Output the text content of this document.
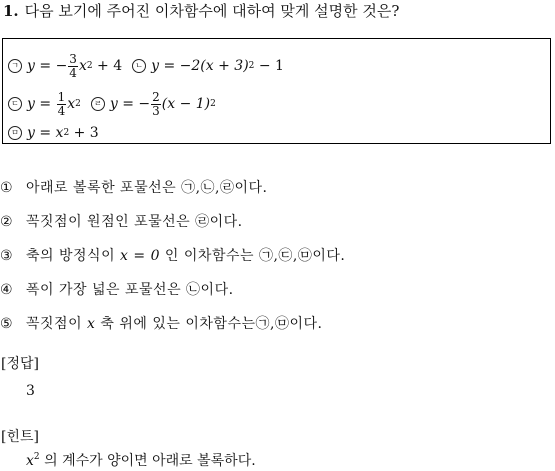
1. 다음 보기에 주어진 이차함수에 대하여 맞게 설명한 것은?
ㄱ y
=
− $\frac{3}{4}$ x 2
+ 4	ㄴ y = −2(x + 3) 2
− 1
ㄷ y
=
$\frac{1}{4}$ x 2	ㄹ y
=
− $\frac{2}{3} (x - 1)$ 2
ㅁ y = x 2
+ 3
① 아래로 볼록한 포물선은 ㉠,㉡,㉣이다.
② 꼭짓점이 원점인 포물선은 ㉣이다.
③ 축의 방정식이 x = 0 인 이차함수는 ㉠,㉢,㉤이다.
④ 폭이 가장 넓은 포물선은 ㉡이다.
⑤ 꼭짓점이 x 축 위에 있는 이차함수는㉠,㉤이다.
[정답]
3
[힌트]
$x^2$ 의 계수가 양이면 아래로 볼록하다.
